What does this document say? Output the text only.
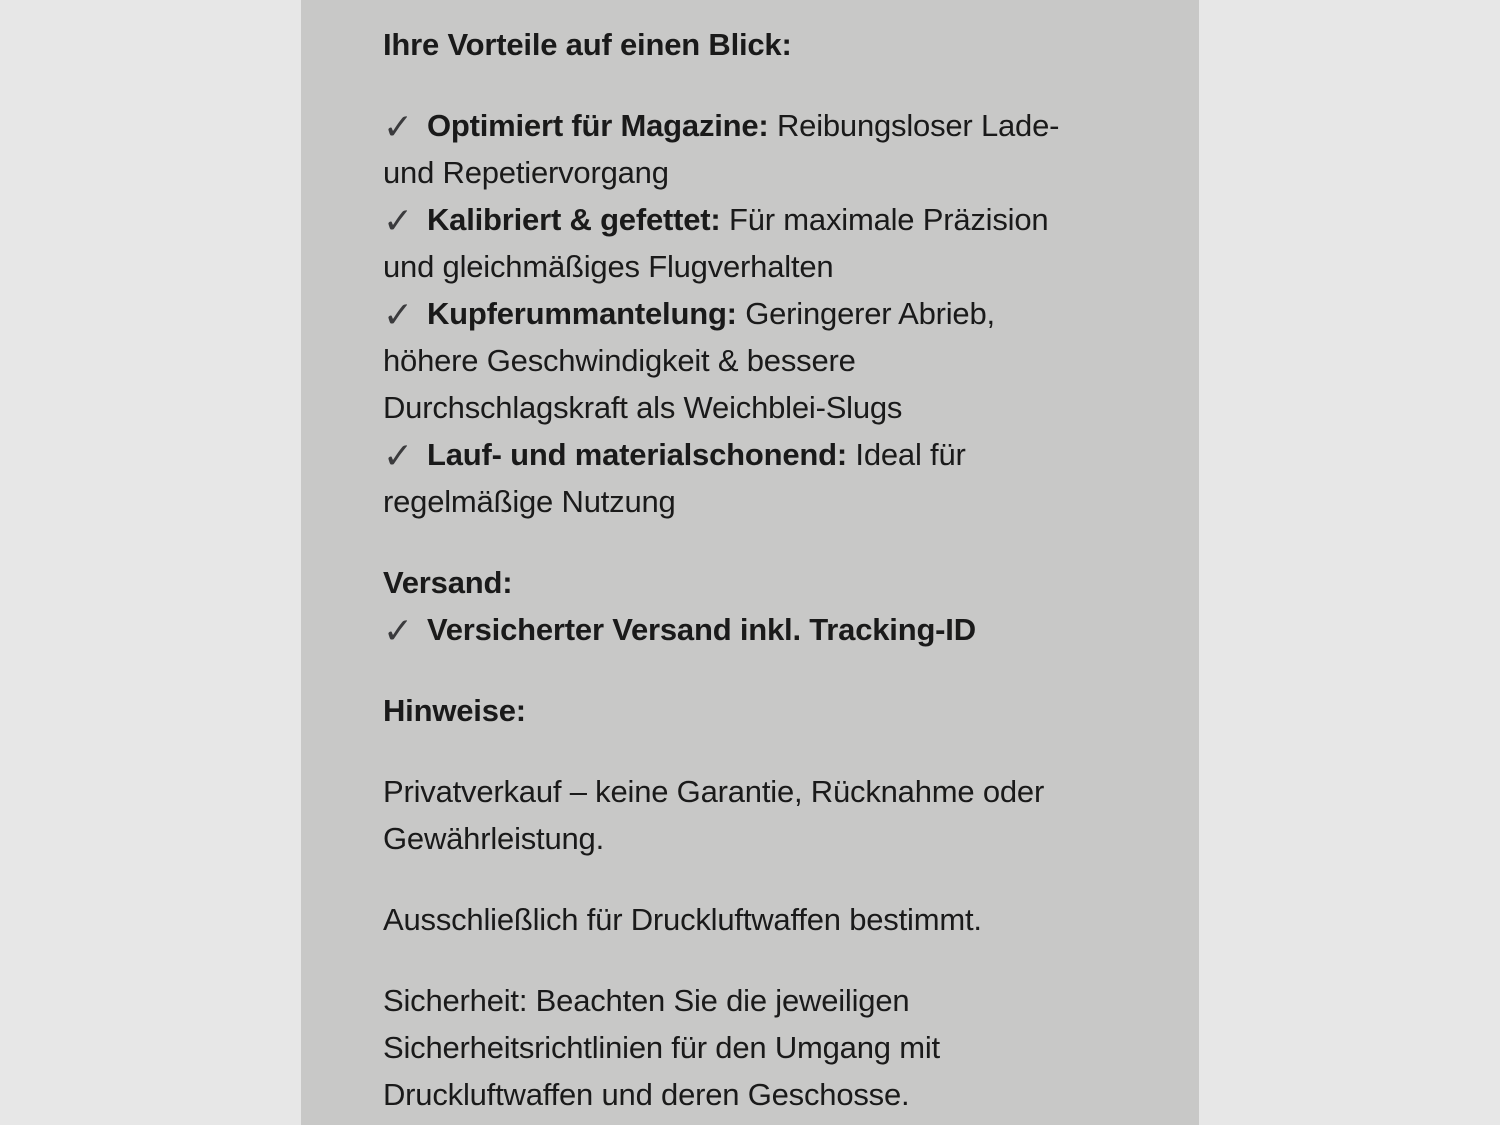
Ihre Vorteile auf einen Blick:
✓ Optimiert für Magazine: Reibungsloser Lade-
und Repetiervorgang
✓ Kalibriert & gefettet: Für maximale Präzision
und gleichmäßiges Flugverhalten
✓ Kupferummantelung: Geringerer Abrieb,
höhere Geschwindigkeit & bessere
Durchschlagskraft als Weichblei-Slugs
✓ Lauf- und materialschonend: Ideal für
regelmäßige Nutzung
Versand:
✓ Versicherter Versand inkl. Tracking-ID
Hinweise:
Privatverkauf – keine Garantie, Rücknahme oder
Gewährleistung.
Ausschließlich für Druckluftwaffen bestimmt.
Sicherheit: Beachten Sie die jeweiligen
Sicherheitsrichtlinien für den Umgang mit
Druckluftwaffen und deren Geschosse.
